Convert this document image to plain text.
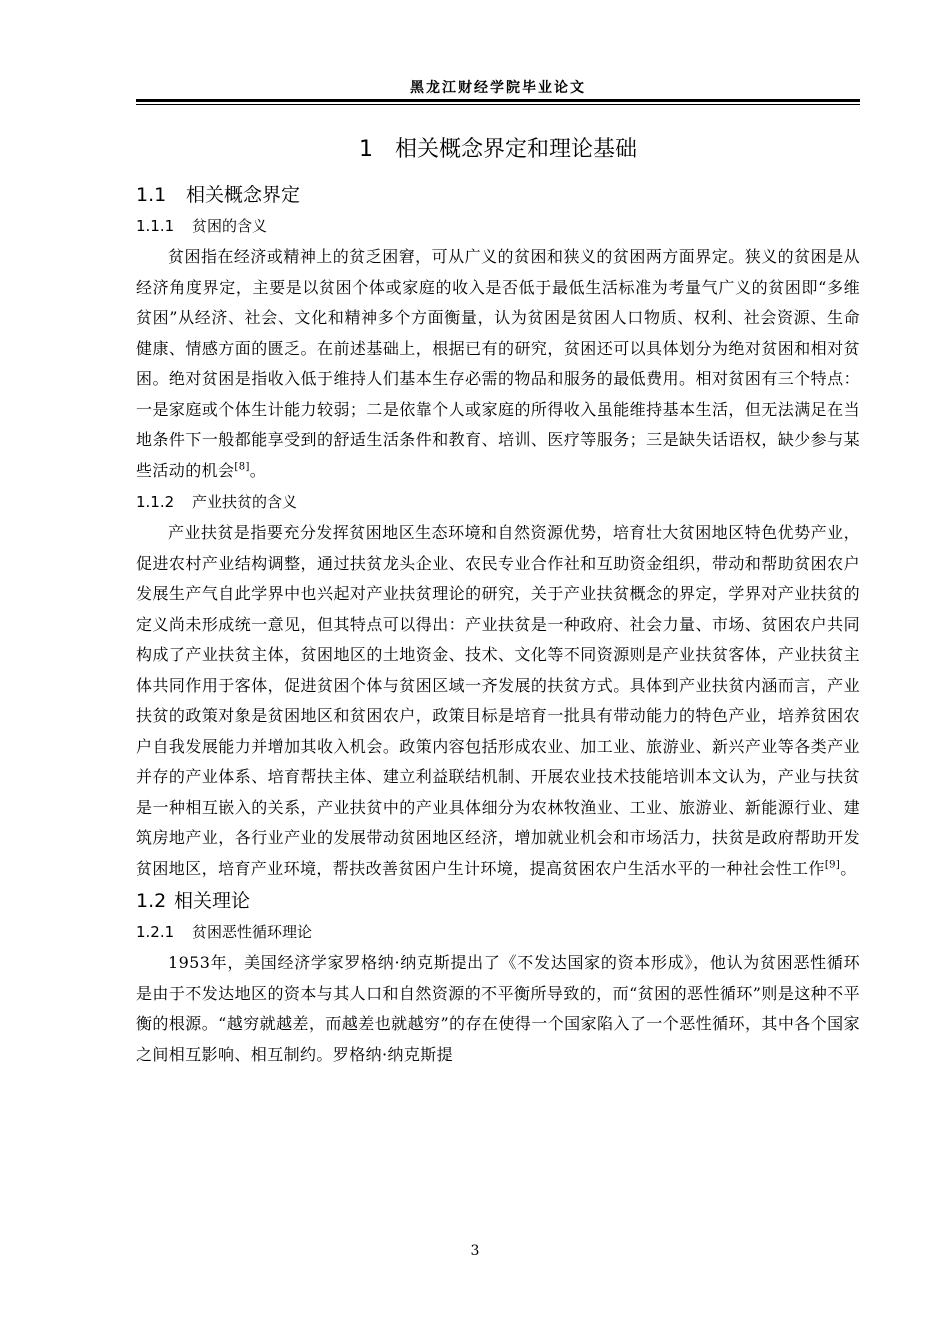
黑龙江财经学院毕业论文
1 相关概念界定和理论基础
1.1 相关概念界定
1.1.1 贫困的含义

贫困指在经济或精神上的贫乏困窘，可从广义的贫困和狭义的贫困两方面界定。狭义的贫困是从经济角度界定，主要是以贫困个体或家庭的收入是否低于最低生活标准为考量气广义的贫困即“多维贫困”从经济、社会、文化和精神多个方面衡量，认为贫困是贫困人口物质、权利、社会资源、生命健康、情感方面的匮乏。在前述基础上，根据已有的研究，贫困还可以具体划分为绝对贫困和相对贫困。绝对贫困是指收入低于维持人们基本生存必需的物品和服务的最低费用。相对贫困有三个特点：一是家庭或个体生计能力较弱；二是依靠个人或家庭的所得收入虽能维持基本生活，但无法满足在当地条件下一般都能享受到的舒适生活条件和教育、培训、医疗等服务；三是缺失话语权，缺少参与某些活动的机会[8]。

1.1.2 产业扶贫的含义

产业扶贫是指要充分发挥贫困地区生态环境和自然资源优势，培育壮大贫困地区特色优势产业，促进农村产业结构调整，通过扶贫龙头企业、农民专业合作社和互助资金组织，带动和帮助贫困农户发展生产气自此学界中也兴起对产业扶贫理论的研究，关于产业扶贫概念的界定，学界对产业扶贫的定义尚未形成统一意见，但其特点可以得出：产业扶贫是一种政府、社会力量、市场、贫困农户共同构成了产业扶贫主体，贫困地区的土地资金、技术、文化等不同资源则是产业扶贫客体，产业扶贫主体共同作用于客体，促进贫困个体与贫困区域一齐发展的扶贫方式。具体到产业扶贫内涵而言，产业扶贫的政策对象是贫困地区和贫困农户，政策目标是培育一批具有带动能力的特色产业，培养贫困农户自我发展能力并增加其收入机会。政策内容包括形成农业、加工业、旅游业、新兴产业等各类产业并存的产业体系、培育帮扶主体、建立利益联结机制、开展农业技术技能培训本文认为，产业与扶贫是一种相互嵌入的关系，产业扶贫中的产业具体细分为农林牧渔业、工业、旅游业、新能源行业、建筑房地产业，各行业产业的发展带动贫困地区经济，增加就业机会和市场活力，扶贫是政府帮助开发贫困地区，培育产业环境，帮扶改善贫困户生计环境，提高贫困农户生活水平的一种社会性工作[9]。

1.2 相关理论
1.2.1 贫困恶性循环理论

1953年，美国经济学家罗格纳·纳克斯提出了《不发达国家的资本形成》，他认为贫困恶性循环是由于不发达地区的资本与其人口和自然资源的不平衡所导致的，而“贫困的恶性循环”则是这种不平衡的根源。“越穷就越差，而越差也就越穷”的存在使得一个国家陷入了一个恶性循环，其中各个国家之间相互影响、相互制约。罗格纳·纳克斯提

3
